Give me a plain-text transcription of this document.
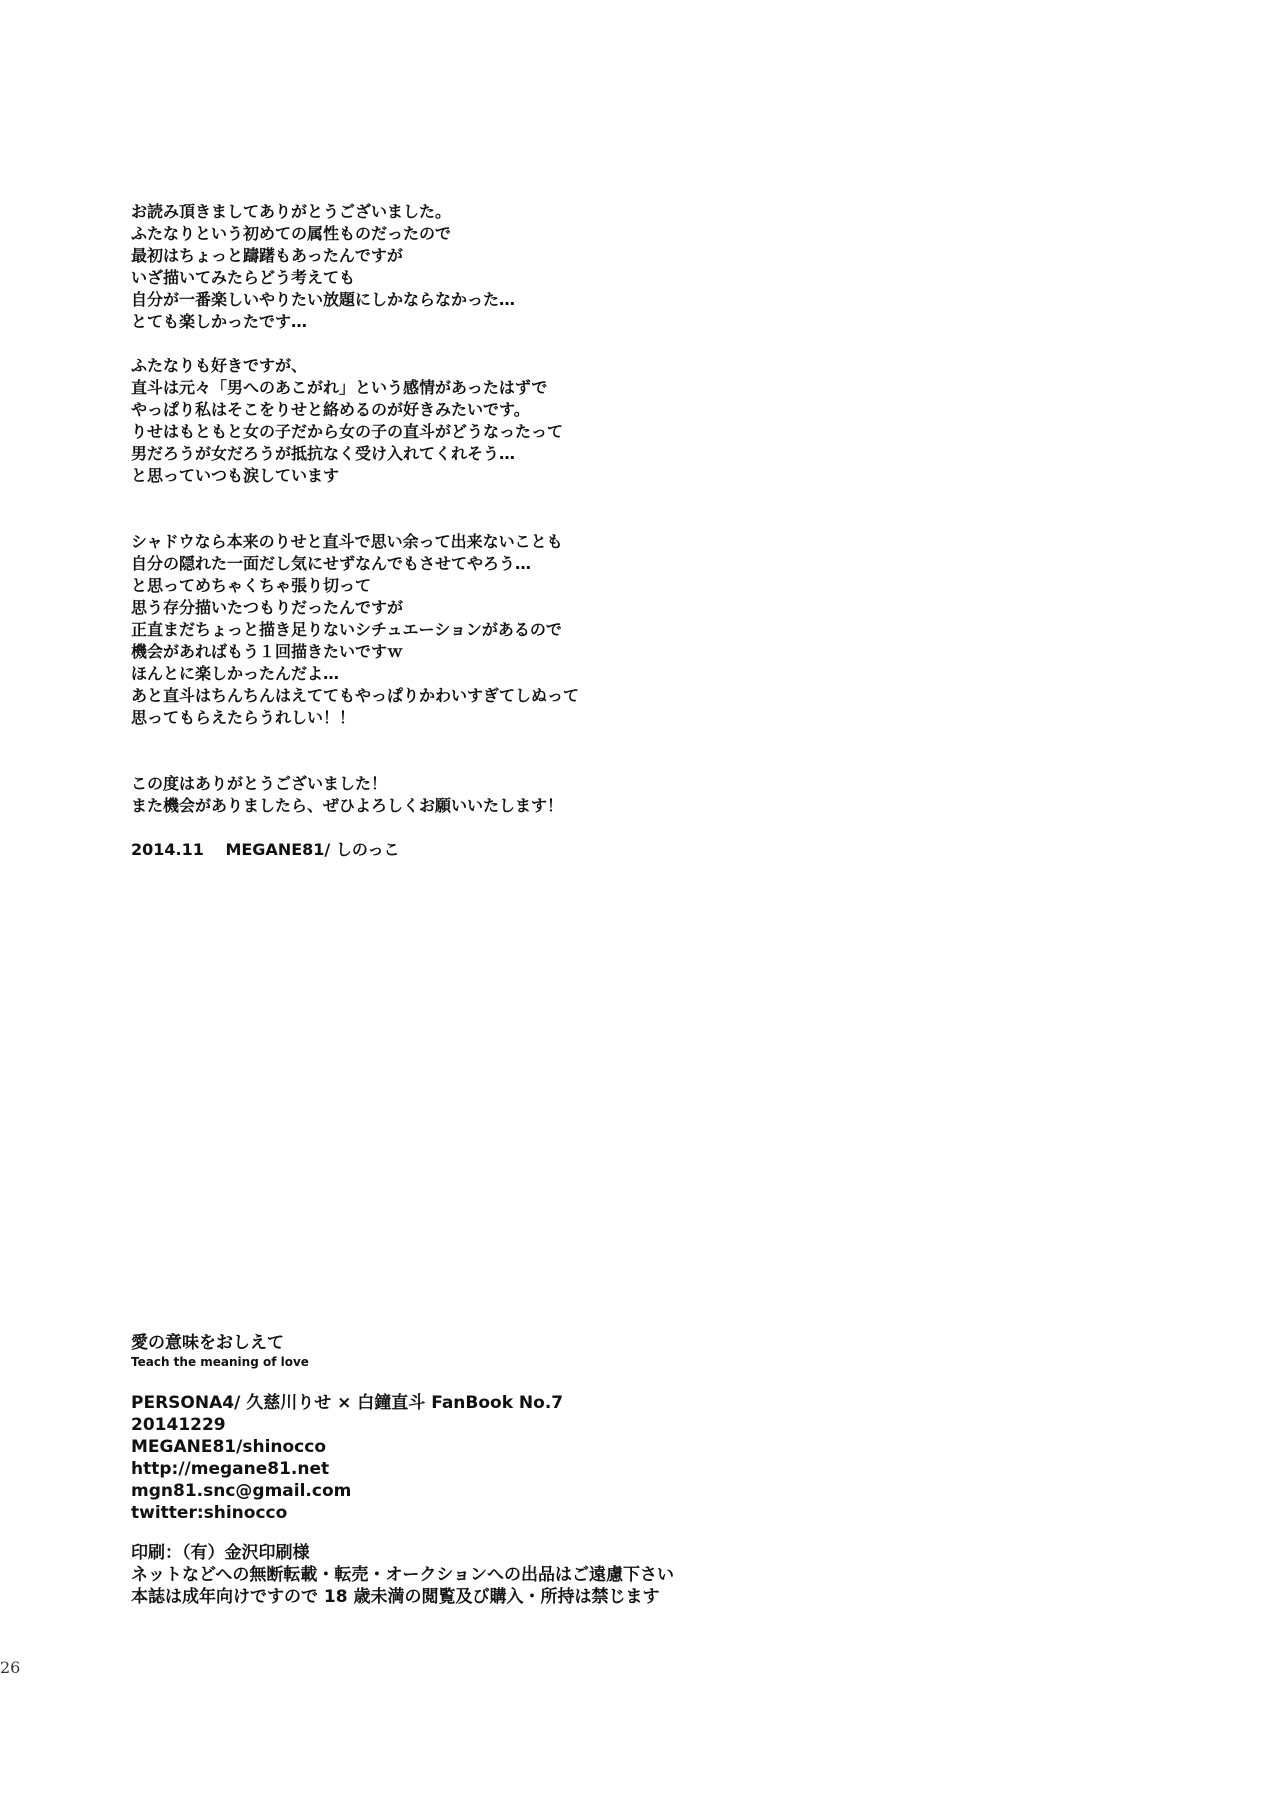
お読み頂きましてありがとうございました。
ふたなりという初めての属性ものだったので
最初はちょっと躊躇もあったんですが
いざ描いてみたらどう考えても
自分が一番楽しいやりたい放題にしかならなかった…
とても楽しかったです…
ふたなりも好きですが、
直斗は元々「男へのあこがれ」という感情があったはずで
やっぱり私はそこをりせと絡めるのが好きみたいです。
りせはもともと女の子だから女の子の直斗がどうなったって
男だろうが女だろうが抵抗なく受け入れてくれそう…
と思っていつも涙しています
シャドウなら本来のりせと直斗で思い余って出来ないことも
自分の隠れた一面だし気にせずなんでもさせてやろう…
と思ってめちゃくちゃ張り切って
思う存分描いたつもりだったんですが
正直まだちょっと描き足りないシチュエーションがあるので
機会があればもう１回描きたいですｗ
ほんとに楽しかったんだよ…
あと直斗はちんちんはえててもやっぱりかわいすぎてしぬって
思ってもらえたらうれしい！！
この度はありがとうございました！
また機会がありましたら、ぜひよろしくお願いいたします！
2014.11　 MEGANE81/ しのっこ
愛の意味をおしえて
Teach the meaning of love
PERSONA4/ 久慈川りせ × 白鐘直斗 FanBook No.7
20141229
MEGANE81/shinocco
http://megane81.net
mgn81.snc@gmail.com
twitter:shinocco
印刷：（有）金沢印刷様
ネットなどへの無断転載・転売・オークションへの出品はご遠慮下さい
本誌は成年向けですので 18 歳未満の閲覧及び購入・所持は禁じます
26
